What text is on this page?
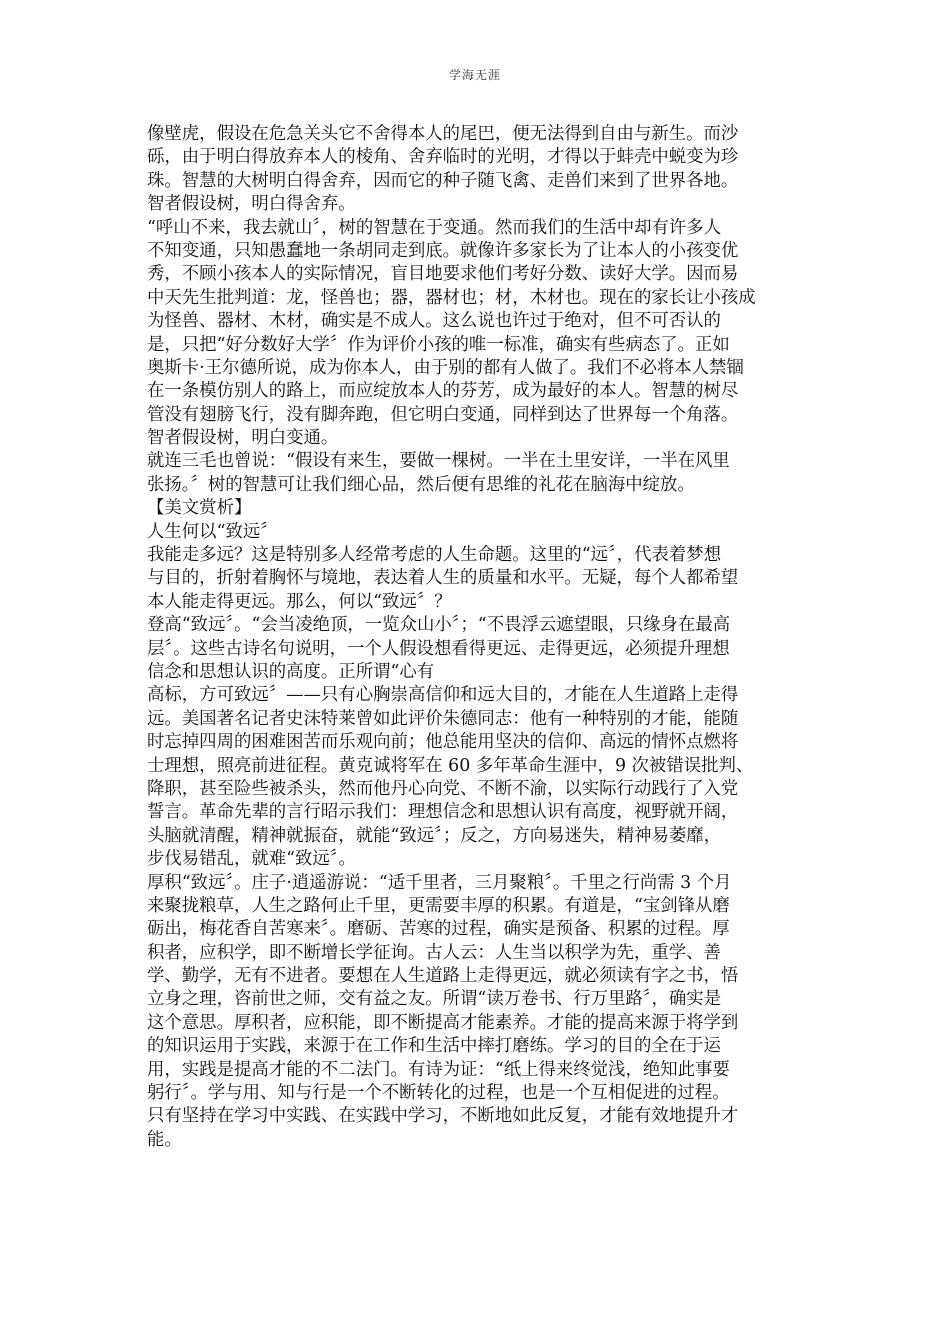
学海无涯
像壁虎，假设在危急关头它不舍得本人的尾巴，便无法得到自由与新生。而沙
砾，由于明白得放弃本人的棱角、舍弃临时的光明，才得以于蚌壳中蜕变为珍
珠。智慧的大树明白得舍弃，因而它的种子随飞禽、走兽们来到了世界各地。
智者假设树，明白得舍弃。
“呼山不来，我去就山〞，树的智慧在于变通。然而我们的生活中却有许多人
不知变通，只知愚蠢地一条胡同走到底。就像许多家长为了让本人的小孩变优
秀，不顾小孩本人的实际情况，盲目地要求他们考好分数、读好大学。因而易
中天先生批判道：龙，怪兽也；器，器材也；材，木材也。现在的家长让小孩成
为怪兽、器材、木材，确实是不成人。这么说也许过于绝对，但不可否认的
是，只把“好分数好大学〞作为评价小孩的唯一标准，确实有些病态了。正如
奥斯卡·王尔德所说，成为你本人，由于别的都有人做了。我们不必将本人禁锢
在一条模仿别人的路上，而应绽放本人的芬芳，成为最好的本人。智慧的树尽
管没有翅膀飞行，没有脚奔跑，但它明白变通，同样到达了世界每一个角落。
智者假设树，明白变通。
就连三毛也曾说：“假设有来生，要做一棵树。一半在土里安详，一半在风里
张扬。〞树的智慧可让我们细心品，然后便有思维的礼花在脑海中绽放。
【美文赏析】
人生何以“致远〞
我能走多远？这是特别多人经常考虑的人生命题。这里的“远〞，代表着梦想
与目的，折射着胸怀与境地，表达着人生的质量和水平。无疑，每个人都希望
本人能走得更远。那么，何以“致远〞？
登高“致远〞。“会当凌绝顶，一览众山小〞；“不畏浮云遮望眼，只缘身在最高
层〞。这些古诗名句说明，一个人假设想看得更远、走得更远，必须提升理想
信念和思想认识的高度。正所谓“心有
高标，方可致远〞——只有心胸崇高信仰和远大目的，才能在人生道路上走得
远。美国著名记者史沫特莱曾如此评价朱德同志：他有一种特别的才能，能随
时忘掉四周的困难困苦而乐观向前；他总能用坚决的信仰、高远的情怀点燃将
士理想，照亮前进征程。黄克诚将军在 60 多年革命生涯中，9 次被错误批判、
降职，甚至险些被杀头，然而他丹心向党、不断不渝，以实际行动践行了入党
誓言。革命先辈的言行昭示我们：理想信念和思想认识有高度，视野就开阔，
头脑就清醒，精神就振奋，就能“致远〞；反之，方向易迷失，精神易萎靡，
步伐易错乱，就难“致远〞。
厚积“致远〞。庄子·逍遥游说：“适千里者，三月聚粮〞。千里之行尚需 3 个月
来聚拢粮草，人生之路何止千里，更需要丰厚的积累。有道是，“宝剑锋从磨
砺出，梅花香自苦寒来〞。磨砺、苦寒的过程，确实是预备、积累的过程。厚
积者，应积学，即不断增长学征询。古人云：人生当以积学为先，重学、善
学、勤学，无有不进者。要想在人生道路上走得更远，就必须读有字之书，悟
立身之理，咨前世之师，交有益之友。所谓“读万卷书、行万里路〞，确实是
这个意思。厚积者，应积能，即不断提高才能素养。才能的提高来源于将学到
的知识运用于实践，来源于在工作和生活中摔打磨练。学习的目的全在于运
用，实践是提高才能的不二法门。有诗为证：“纸上得来终觉浅，绝知此事要
躬行〞。学与用、知与行是一个不断转化的过程，也是一个互相促进的过程。
只有坚持在学习中实践、在实践中学习，不断地如此反复，才能有效地提升才
能。
